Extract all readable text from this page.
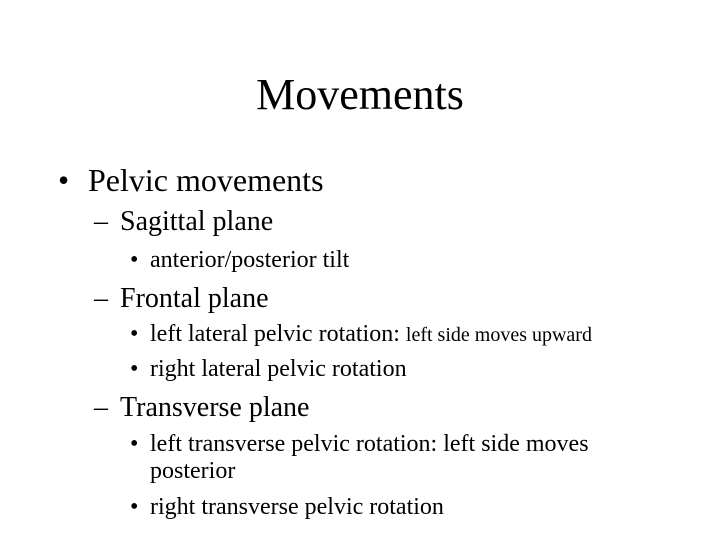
Movements
• Pelvic movements
– Sagittal plane
• anterior/posterior tilt
– Frontal plane
• left lateral pelvic rotation: left side moves upward
• right lateral pelvic rotation
– Transverse plane
• left transverse pelvic rotation: left side moves
posterior
• right transverse pelvic rotation
